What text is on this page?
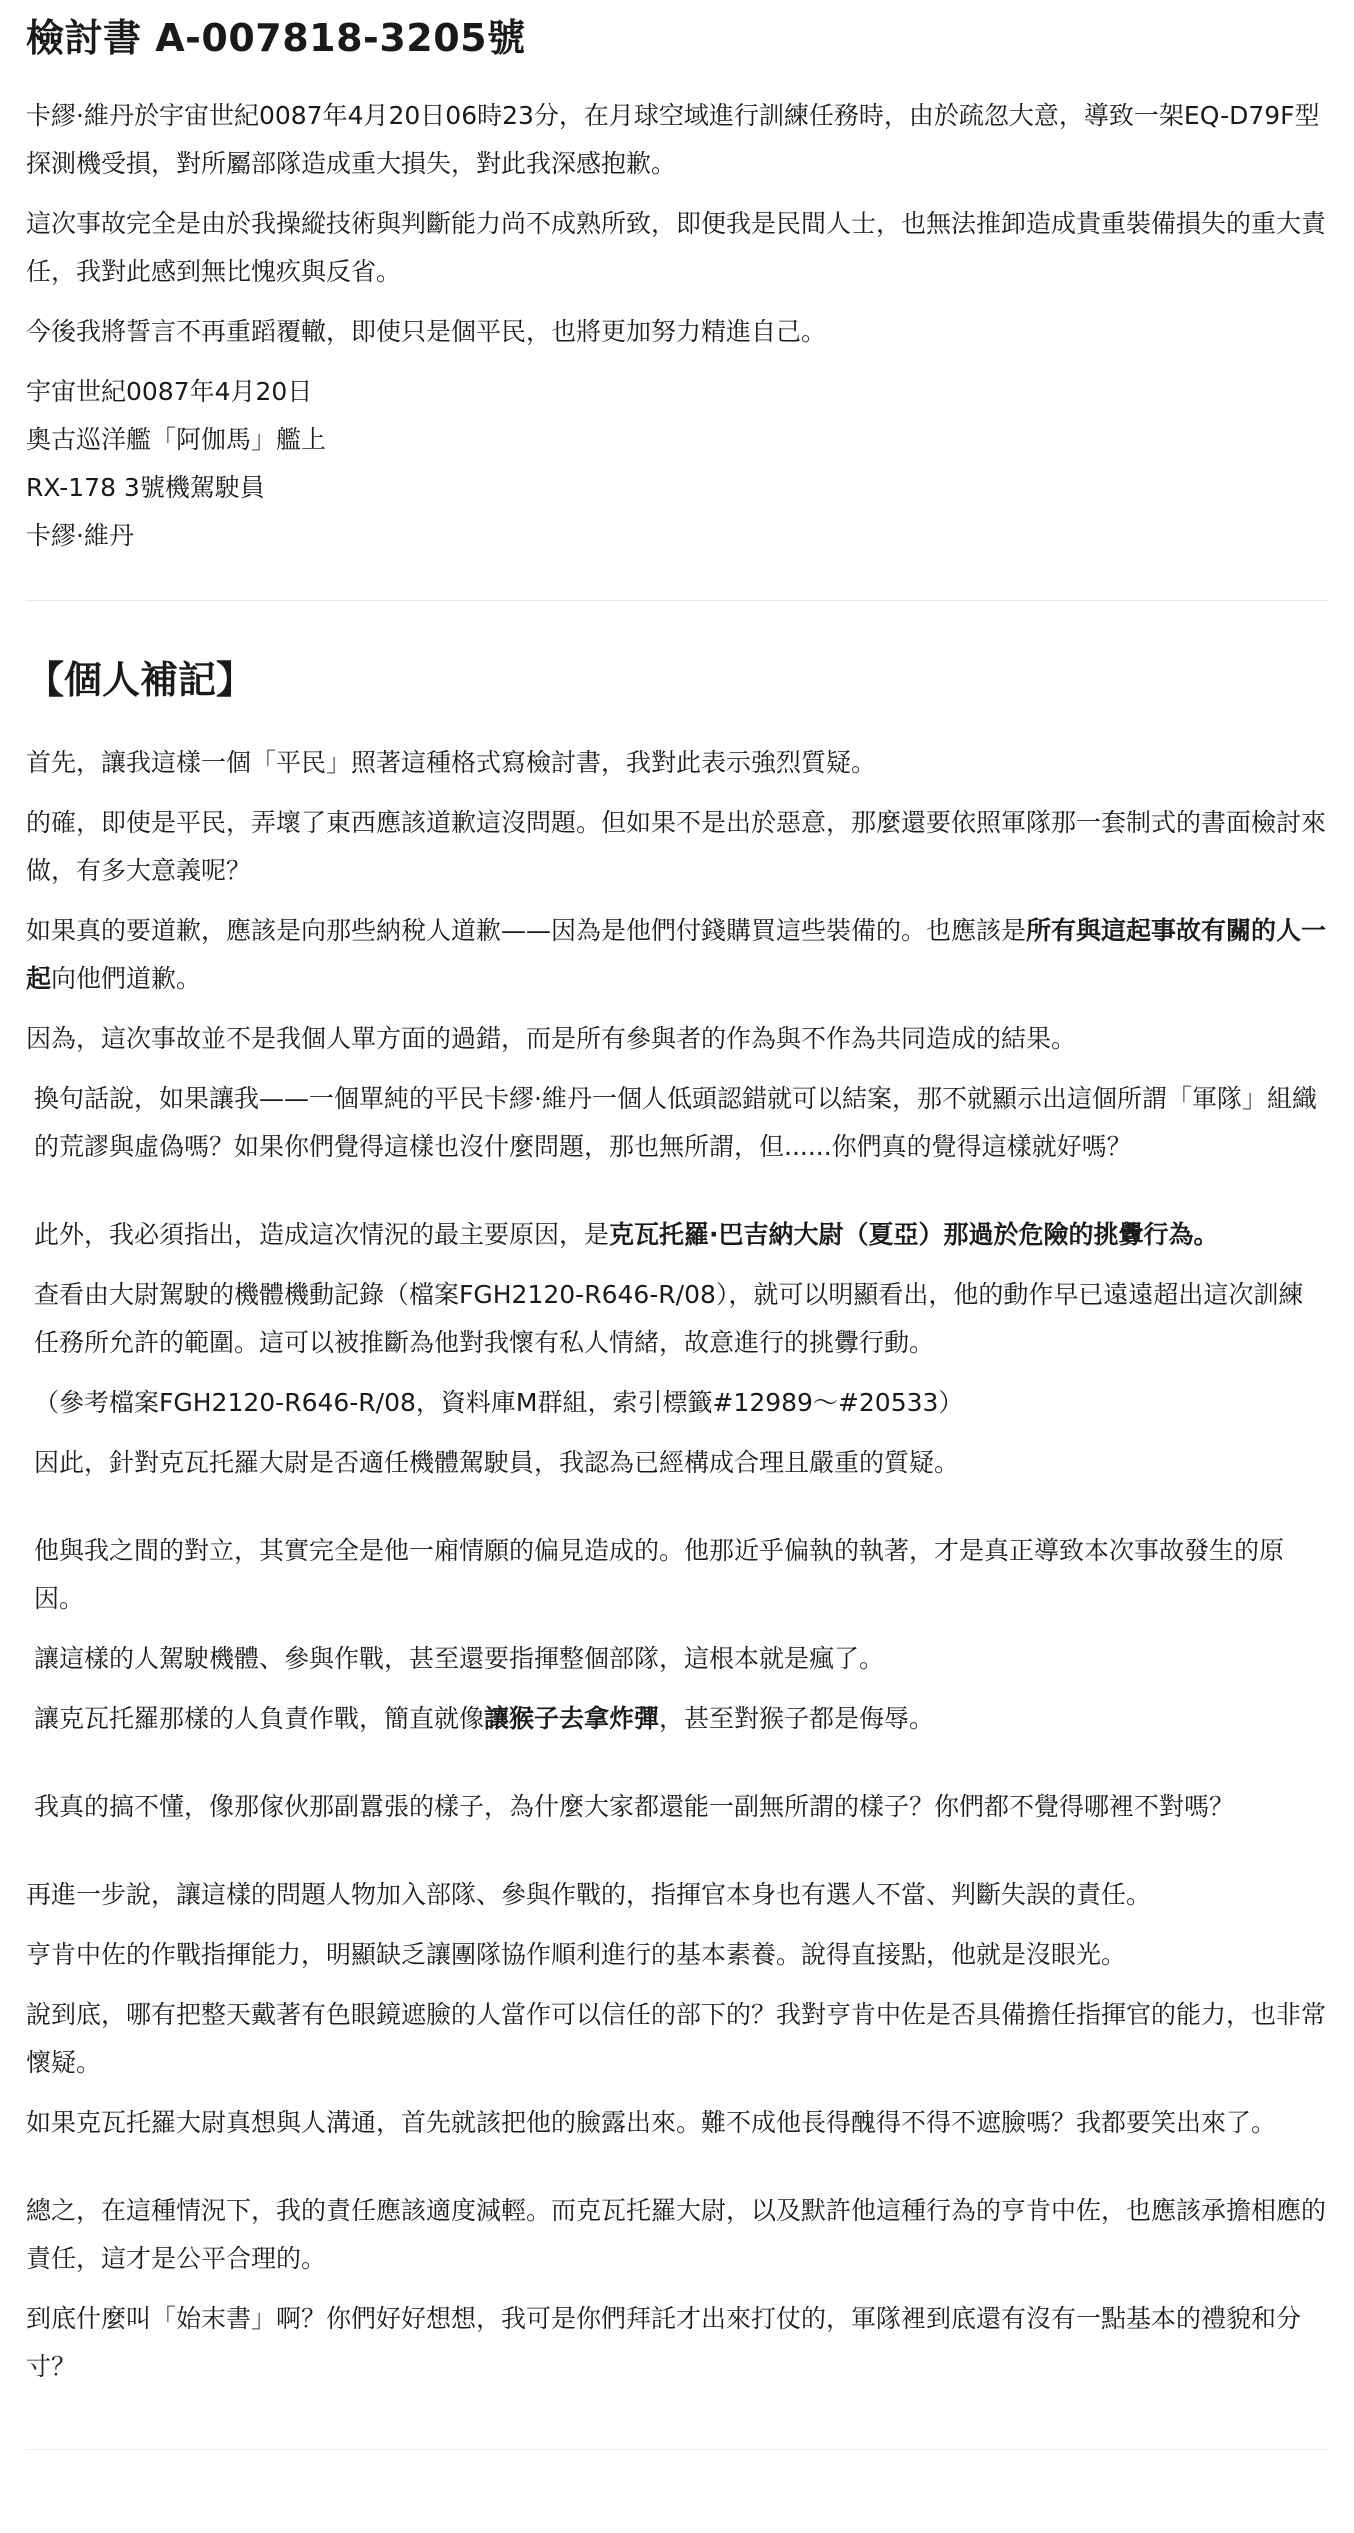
檢討書 A-007818-3205號

卡繆·維丹於宇宙世紀0087年4月20日06時23分，在月球空域進行訓練任務時，由於疏忽大意，導致一架EQ-D79F型探測機受損，對所屬部隊造成重大損失，對此我深感抱歉。

這次事故完全是由於我操縱技術與判斷能力尚不成熟所致，即便我是民間人士，也無法推卸造成貴重裝備損失的重大責任，我對此感到無比愧疚與反省。

今後我將誓言不再重蹈覆轍，即使只是個平民，也將更加努力精進自己。

宇宙世紀0087年4月20日

奧古巡洋艦「阿伽馬」艦上

RX-178 3號機駕駛員

卡繆·維丹

【個人補記】

首先，讓我這樣一個「平民」照著這種格式寫檢討書，我對此表示強烈質疑。

的確，即使是平民，弄壞了東西應該道歉這沒問題。但如果不是出於惡意，那麼還要依照軍隊那一套制式的書面檢討來做，有多大意義呢？

如果真的要道歉，應該是向那些納稅人道歉——因為是他們付錢購買這些裝備的。也應該是所有與這起事故有關的人一起向他們道歉。

因為，這次事故並不是我個人單方面的過錯，而是所有參與者的作為與不作為共同造成的結果。

換句話說，如果讓我——一個單純的平民卡繆·維丹一個人低頭認錯就可以結案，那不就顯示出這個所謂「軍隊」組織的荒謬與虛偽嗎？如果你們覺得這樣也沒什麼問題，那也無所謂，但......你們真的覺得這樣就好嗎？

此外，我必須指出，造成這次情況的最主要原因，是克瓦托羅·巴吉納大尉（夏亞）那過於危險的挑釁行為。

查看由大尉駕駛的機體機動記錄（檔案FGH2120-R646-R/08），就可以明顯看出，他的動作早已遠遠超出這次訓練任務所允許的範圍。這可以被推斷為他對我懷有私人情緒，故意進行的挑釁行動。

（參考檔案FGH2120-R646-R/08，資料庫M群組，索引標籤#12989～#20533）

因此，針對克瓦托羅大尉是否適任機體駕駛員，我認為已經構成合理且嚴重的質疑。

他與我之間的對立，其實完全是他一廂情願的偏見造成的。他那近乎偏執的執著，才是真正導致本次事故發生的原因。

讓這樣的人駕駛機體、參與作戰，甚至還要指揮整個部隊，這根本就是瘋了。

讓克瓦托羅那樣的人負責作戰，簡直就像讓猴子去拿炸彈，甚至對猴子都是侮辱。

我真的搞不懂，像那傢伙那副囂張的樣子，為什麼大家都還能一副無所謂的樣子？你們都不覺得哪裡不對嗎？

再進一步說，讓這樣的問題人物加入部隊、參與作戰的，指揮官本身也有選人不當、判斷失誤的責任。

亨肯中佐的作戰指揮能力，明顯缺乏讓團隊協作順利進行的基本素養。說得直接點，他就是沒眼光。

說到底，哪有把整天戴著有色眼鏡遮臉的人當作可以信任的部下的？我對亨肯中佐是否具備擔任指揮官的能力，也非常懷疑。

如果克瓦托羅大尉真想與人溝通，首先就該把他的臉露出來。難不成他長得醜得不得不遮臉嗎？我都要笑出來了。

總之，在這種情況下，我的責任應該適度減輕。而克瓦托羅大尉，以及默許他這種行為的亨肯中佐，也應該承擔相應的責任，這才是公平合理的。

到底什麼叫「始末書」啊？你們好好想想，我可是你們拜託才出來打仗的，軍隊裡到底還有沒有一點基本的禮貌和分寸？
